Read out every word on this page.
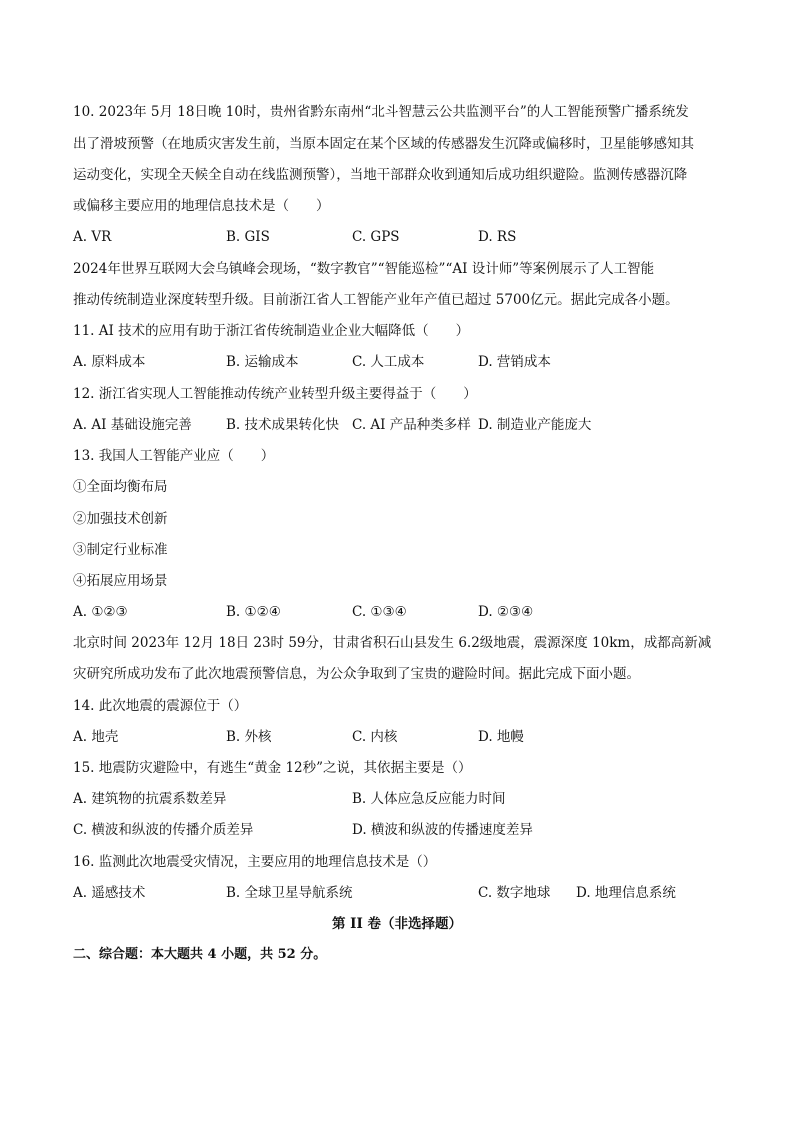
10. 2023年 5月 18日晚 10时，贵州省黔东南州“北斗智慧云公共监测平台”的人工智能预警广播系统发
出了滑坡预警（在地质灾害发生前，当原本固定在某个区域的传感器发生沉降或偏移时，卫星能够感知其
运动变化，实现全天候全自动在线监测预警），当地干部群众收到通知后成功组织避险。监测传感器沉降
或偏移主要应用的地理信息技术是（　　）
A. VR	B. GIS	C. GPS	D. RS
2024年世界互联网大会乌镇峰会现场，“数字教官”“智能巡检”“AI 设计师”等案例展示了人工智能
推动传统制造业深度转型升级。目前浙江省人工智能产业年产值已超过 5700亿元。据此完成各小题。
11. AI 技术的应用有助于浙江省传统制造业企业大幅降低（　　）
A. 原料成本	B. 运输成本	C. 人工成本	D. 营销成本
12. 浙江省实现人工智能推动传统产业转型升级主要得益于（　　）
A. AI 基础设施完善	B. 技术成果转化快 C. AI 产品种类多样 D. 制造业产能庞大
13. 我国人工智能产业应（　　）
①全面均衡布局
②加强技术创新
③制定行业标准
④拓展应用场景
A. ①②③	B. ①②④	C. ①③④	D. ②③④
北京时间 2023年 12月 18日 23时 59分，甘肃省积石山县发生 6.2级地震，震源深度 10km，成都高新减
灾研究所成功发布了此次地震预警信息，为公众争取到了宝贵的避险时间。据此完成下面小题。
14. 此次地震的震源位于（）
A. 地壳	B. 外核	C. 内核	D. 地幔
15. 地震防灾避险中，有逃生“黄金 12秒”之说，其依据主要是（）
A. 建筑物的抗震系数差异	B. 人体应急反应能力时间
C. 横波和纵波的传播介质差异	D. 横波和纵波的传播速度差异
16. 监测此次地震受灾情况，主要应用的地理信息技术是（）
A. 遥感技术	B. 全球卫星导航系统	C. 数字地球 D. 地理信息系统
第 II 卷（非选择题）
二、综合题：本大题共 4 小题，共 52 分。
